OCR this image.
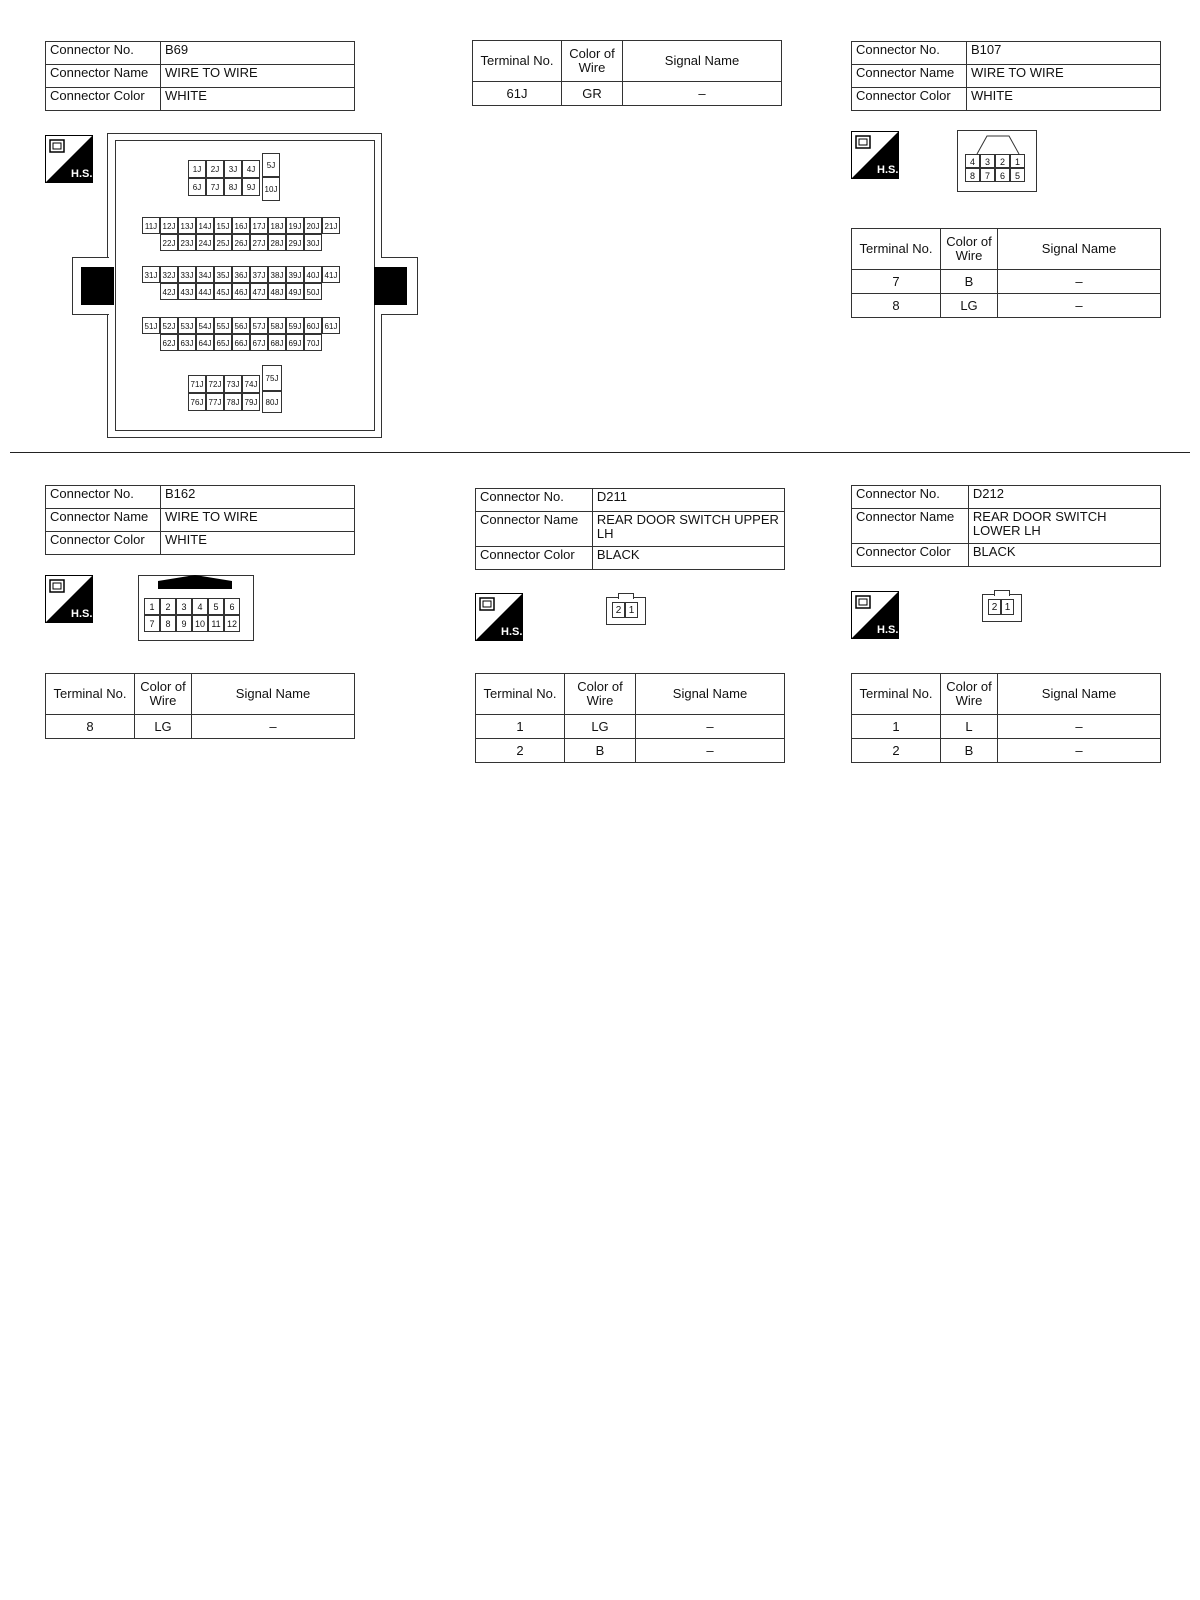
Connector No.	B69
Connector Name	WIRE TO WIRE
Connector Color	WHITE
H.S.	1J	2J	3J	4J
6J	7J	8J	9J
5J
10J
11J 12J 13J 14J 15J 16J 17J 18J 19J 20J 21J
22J 23J 24J 25J 26J 27J 28J 29J 30J
31J 32J 33J 34J 35J 36J 37J 38J 39J 40J 41J
42J 43J 44J 45J 46J 47J 48J 49J 50J
51J 52J 53J 54J 55J 56J 57J 58J 59J 60J 61J
62J 63J 64J 65J 66J 67J 68J 69J 70J
71J 72J 73J 74J
76J 77J 78J 79J
75J
80J
Terminal No.	Color of Wire	Signal Name
61J	GR	–
Connector No.	B107
Connector Name	WIRE TO WIRE
Connector Color	WHITE
H.S.
4	3	2	1
8	7	6	5
Terminal No.	Color of Wire	Signal Name
7	B	–
8	LG	–
Connector No.	B162
Connector Name	WIRE TO WIRE
Connector Color	WHITE
H.S.
1	2	3	4	5	6
7	8	9 10 11 12
Terminal No.	Color of Wire	Signal Name
8	LG	–
Connector No.	D211
Connector Name	REAR DOOR SWITCH UPPER LH
Connector Color	BLACK
H.S.
2 1
Terminal No.	Color of Wire	Signal Name
1	LG	–
2	B	–
Connector No.	D212
Connector Name	REAR DOOR SWITCH LOWER LH
Connector Color	BLACK
H.S.
2 1
Terminal No.	Color of Wire	Signal Name
1	L	–
2	B	–
